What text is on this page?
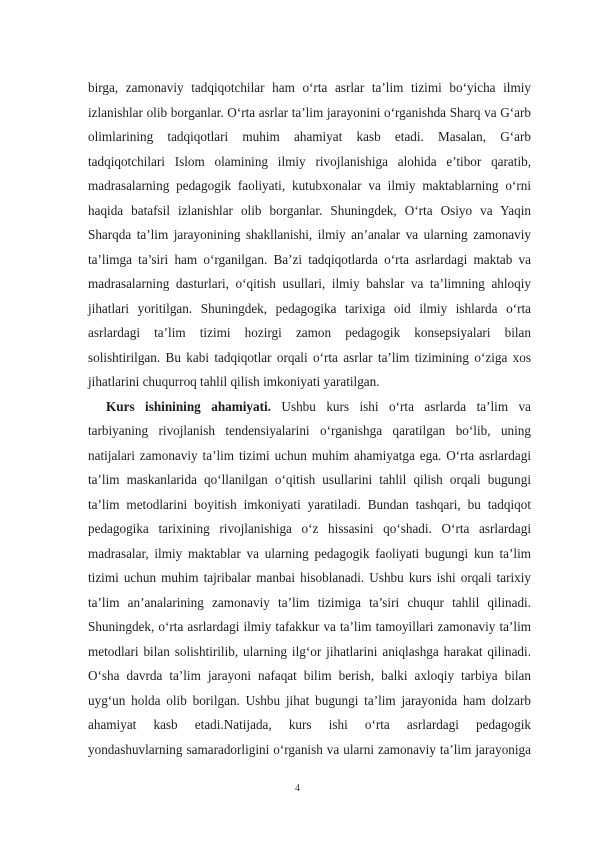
birga, zamonaviy tadqiqotchilar ham o‘rta asrlar ta’lim tizimi bo‘yicha ilmiy
izlanishlar olib borganlar. O‘rta asrlar ta’lim jarayonini o‘rganishda Sharq va G‘arb
olimlarining tadqiqotlari muhim ahamiyat kasb etadi. Masalan, G‘arb
tadqiqotchilari Islom olamining ilmiy rivojlanishiga alohida e’tibor qaratib,
madrasalarning pedagogik faoliyati, kutubxonalar va ilmiy maktablarning o‘rni
haqida batafsil izlanishlar olib borganlar. Shuningdek, O‘rta Osiyo va Yaqin
Sharqda ta’lim jarayonining shakllanishi, ilmiy an’analar va ularning zamonaviy
ta’limga ta’siri ham o‘rganilgan. Ba’zi tadqiqotlarda o‘rta asrlardagi maktab va
madrasalarning dasturlari, o‘qitish usullari, ilmiy bahslar va ta’limning ahloqiy
jihatlari yoritilgan. Shuningdek, pedagogika tarixiga oid ilmiy ishlarda o‘rta
asrlardagi ta’lim tizimi hozirgi zamon pedagogik konsepsiyalari bilan
solishtirilgan. Bu kabi tadqiqotlar orqali o‘rta asrlar ta’lim tizimining o‘ziga xos
jihatlarini chuqurroq tahlil qilish imkoniyati yaratilgan.
Kurs ishinining ahamiyati. Ushbu kurs ishi o‘rta asrlarda ta’lim va
tarbiyaning rivojlanish tendensiyalarini o‘rganishga qaratilgan bo‘lib, uning
natijalari zamonaviy ta’lim tizimi uchun muhim ahamiyatga ega. O‘rta asrlardagi
ta’lim maskanlarida qo‘llanilgan o‘qitish usullarini tahlil qilish orqali bugungi
ta’lim metodlarini boyitish imkoniyati yaratiladi. Bundan tashqari, bu tadqiqot
pedagogika tarixining rivojlanishiga o‘z hissasini qo‘shadi. O‘rta asrlardagi
madrasalar, ilmiy maktablar va ularning pedagogik faoliyati bugungi kun ta’lim
tizimi uchun muhim tajribalar manbai hisoblanadi. Ushbu kurs ishi orqali tarixiy
ta’lim an’analarining zamonaviy ta’lim tizimiga ta’siri chuqur tahlil qilinadi.
Shuningdek, o‘rta asrlardagi ilmiy tafakkur va ta’lim tamoyillari zamonaviy ta’lim
metodlari bilan solishtirilib, ularning ilg‘or jihatlarini aniqlashga harakat qilinadi.
O‘sha davrda ta’lim jarayoni nafaqat bilim berish, balki axloqiy tarbiya bilan
uyg‘un holda olib borilgan. Ushbu jihat bugungi ta’lim jarayonida ham dolzarb
ahamiyat kasb etadi.Natijada, kurs ishi o‘rta asrlardagi pedagogik
yondashuvlarning samaradorligini o‘rganish va ularni zamonaviy ta’lim jarayoniga
4
